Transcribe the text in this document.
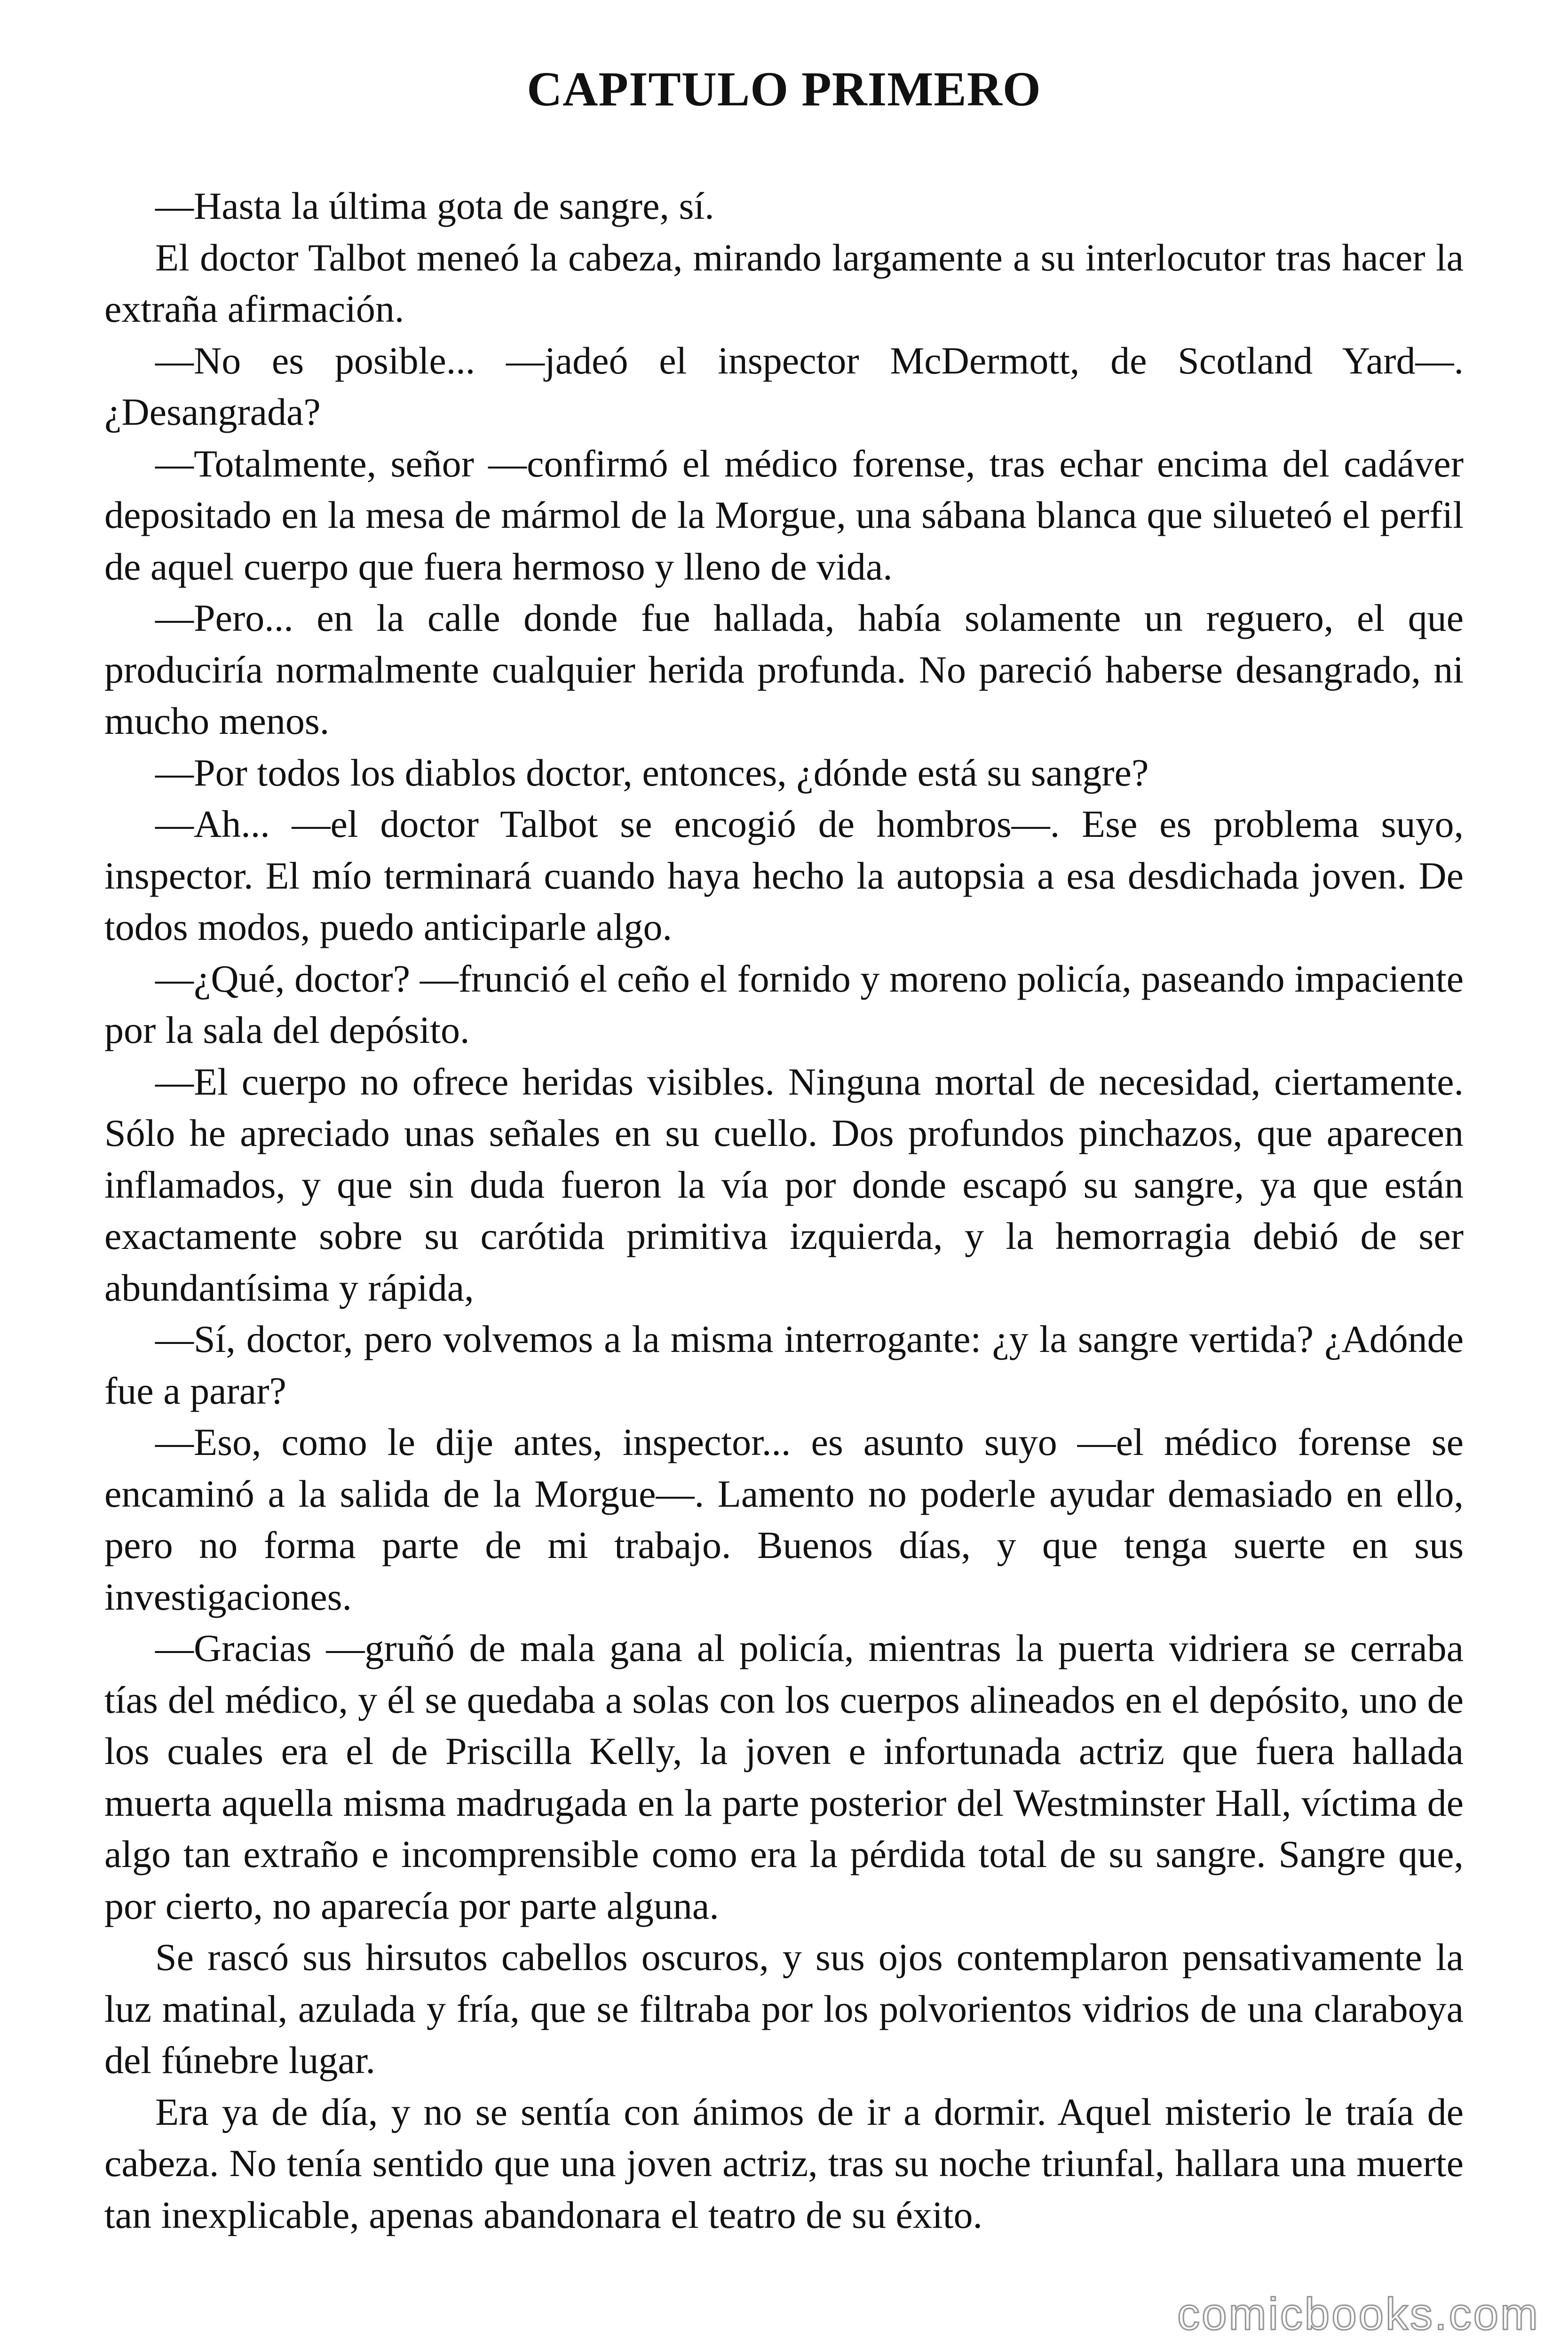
CAPITULO PRIMERO

—Hasta la última gota de sangre, sí.

El doctor Talbot meneó la cabeza, mirando largamente a su interlocutor tras hacer la extraña afirmación.

—No es posible... —jadeó el inspector McDermott, de Scotland Yard—. ¿Desangrada?

—Totalmente, señor —confirmó el médico forense, tras echar encima del cadáver depositado en la mesa de mármol de la Morgue, una sábana blanca que silueteó el perfil de aquel cuerpo que fuera hermoso y lleno de vida.

—Pero... en la calle donde fue hallada, había solamente un reguero, el que produciría normalmente cualquier herida profunda. No pareció haberse desangrado, ni mucho menos.

—Por todos los diablos doctor, entonces, ¿dónde está su sangre?

—Ah... —el doctor Talbot se encogió de hombros—. Ese es problema suyo, inspector. El mío terminará cuando haya hecho la autopsia a esa desdichada joven. De todos modos, puedo anticiparle algo.

—¿Qué, doctor? —frunció el ceño el fornido y moreno policía, paseando impaciente por la sala del depósito.

—El cuerpo no ofrece heridas visibles. Ninguna mortal de necesidad, ciertamente. Sólo he apreciado unas señales en su cuello. Dos profundos pinchazos, que aparecen inflamados, y que sin duda fueron la vía por donde escapó su sangre, ya que están exactamente sobre su carótida primitiva izquierda, y la hemorragia debió de ser abundantísima y rápida,

—Sí, doctor, pero volvemos a la misma interrogante: ¿y la sangre vertida? ¿Adónde fue a parar?

—Eso, como le dije antes, inspector... es asunto suyo —el médico forense se encaminó a la salida de la Morgue—. Lamento no poderle ayudar demasiado en ello, pero no forma parte de mi trabajo. Buenos días, y que tenga suerte en sus investigaciones.

—Gracias —gruñó de mala gana al policía, mientras la puerta vidriera se cerraba tías del médico, y él se quedaba a solas con los cuerpos alineados en el depósito, uno de los cuales era el de Priscilla Kelly, la joven e infortunada actriz que fuera hallada muerta aquella misma madrugada en la parte posterior del Westminster Hall, víctima de algo tan extraño e incomprensible como era la pérdida total de su sangre. Sangre que, por cierto, no aparecía por parte alguna.

Se rascó sus hirsutos cabellos oscuros, y sus ojos contemplaron pensativamente la luz matinal, azulada y fría, que se filtraba por los polvorientos vidrios de una claraboya del fúnebre lugar.

Era ya de día, y no se sentía con ánimos de ir a dormir. Aquel misterio le traía de cabeza. No tenía sentido que una joven actriz, tras su noche triunfal, hallara una muerte tan inexplicable, apenas abandonara el teatro de su éxito.

comicbooks.com
